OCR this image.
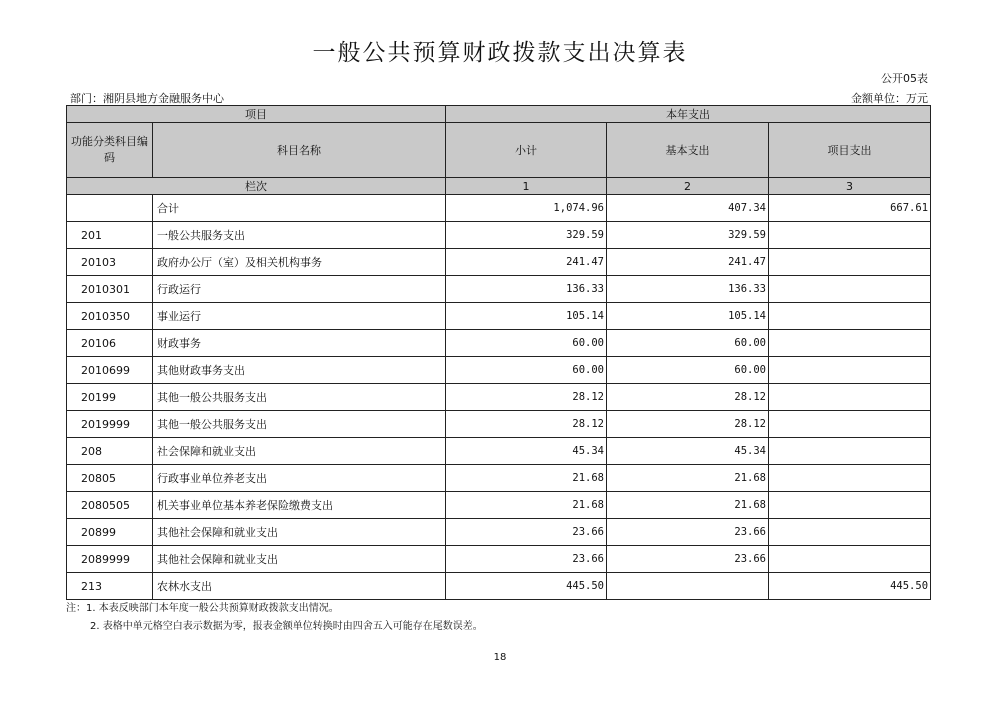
一般公共预算财政拨款支出决算表
公开05表
部门：湘阴县地方金融服务中心	金额单位：万元
项目		本年支出		
功能分类科目编码	科目名称	小计	基本支出	项目支出
栏次		1	2	3
	合计	1,074.96	407.34	667.61
201	一般公共服务支出	329.59	329.59	
20103	政府办公厅（室）及相关机构事务	241.47	241.47	
2010301	行政运行	136.33	136.33	
2010350	事业运行	105.14	105.14	
20106	财政事务	60.00	60.00	
2010699	其他财政事务支出	60.00	60.00	
20199	其他一般公共服务支出	28.12	28.12	
2019999	其他一般公共服务支出	28.12	28.12	
208	社会保障和就业支出	45.34	45.34	
20805	行政事业单位养老支出	21.68	21.68	
2080505	机关事业单位基本养老保险缴费支出	21.68	21.68	
20899	其他社会保障和就业支出	23.66	23.66	
2089999	其他社会保障和就业支出	23.66	23.66	
213	农林水支出	445.50		445.50
注：1. 本表反映部门本年度一般公共预算财政拨款支出情况。
2. 表格中单元格空白表示数据为零，报表金额单位转换时由四舍五入可能存在尾数误差。
18
